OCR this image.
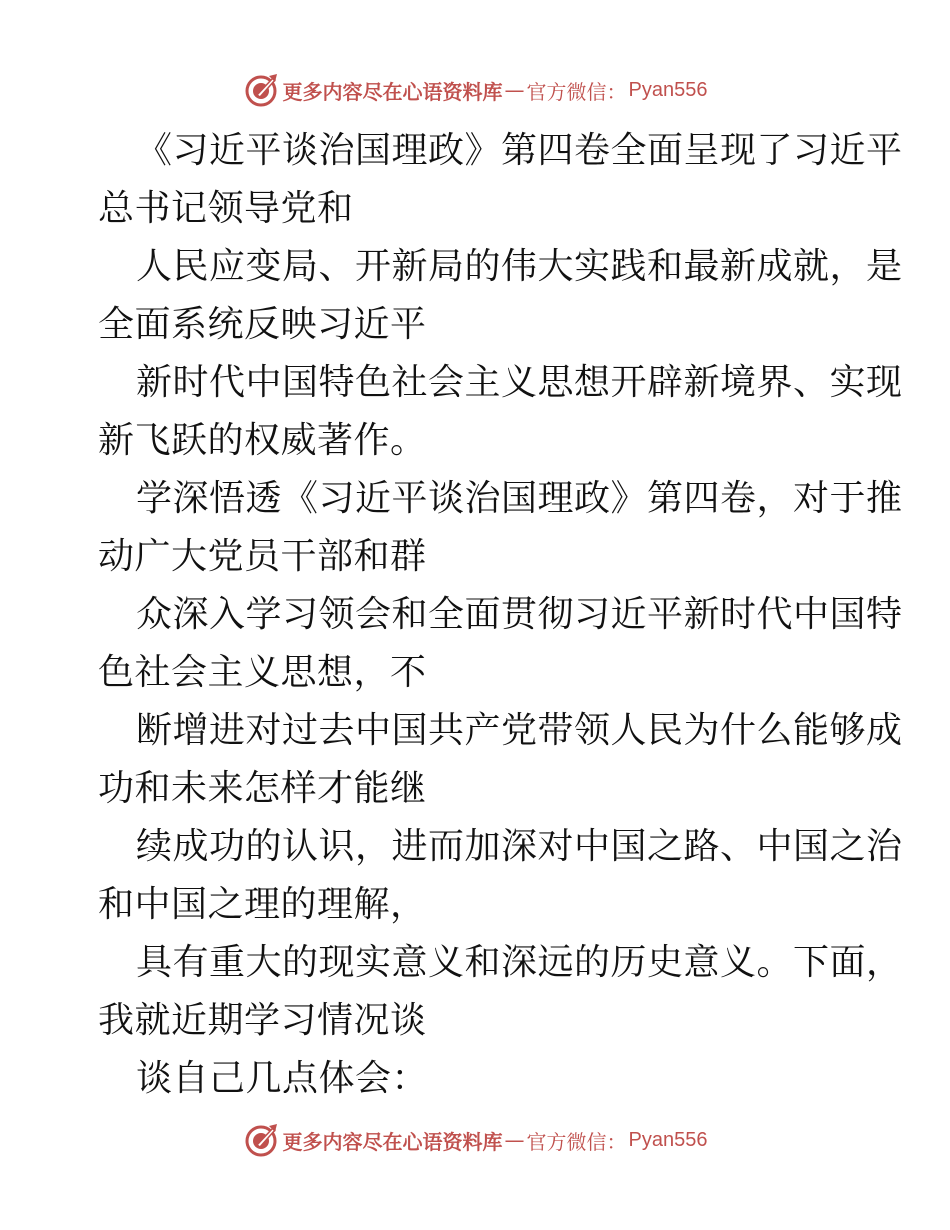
更多内容尽在心语资料库 — 官方微信： Pyan556
《习近平谈治国理政》第四卷全面呈现了习近平
总书记领导党和
人民应变局、开新局的伟大实践和最新成就，是
全面系统反映习近平
新时代中国特色社会主义思想开辟新境界、实现
新飞跃的权威著作。
学深悟透《习近平谈治国理政》第四卷，对于推
动广大党员干部和群
众深入学习领会和全面贯彻习近平新时代中国特
色社会主义思想，不
断增进对过去中国共产党带领人民为什么能够成
功和未来怎样才能继
续成功的认识，进而加深对中国之路、中国之治
和中国之理的理解，
具有重大的现实意义和深远的历史意义。下面，
我就近期学习情况谈
谈自己几点体会：
更多内容尽在心语资料库 — 官方微信： Pyan556
